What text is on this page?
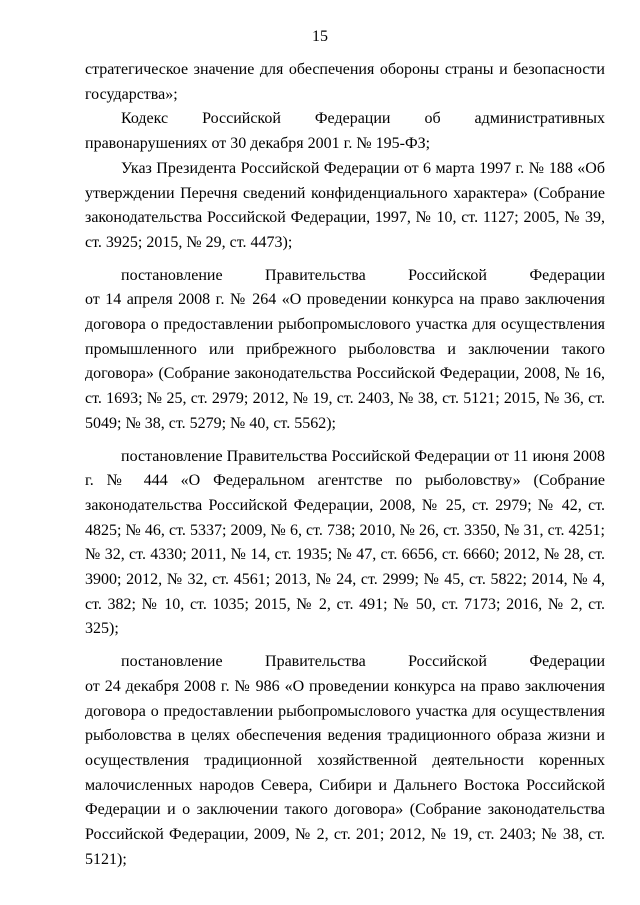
15

стратегическое значение для обеспечения обороны страны и безопасности государства»;

Кодекс Российской Федерации об административных правонарушениях от 30 декабря 2001 г. № 195-ФЗ;

Указ Президента Российской Федерации от 6 марта 1997 г. № 188 «Об утверждении Перечня сведений конфиденциального характера» (Собрание законодательства Российской Федерации, 1997, № 10, ст. 1127; 2005, № 39, ст. 3925; 2015, № 29, ст. 4473);

постановление Правительства Российской Федерации

от 14 апреля 2008 г. № 264 «О проведении конкурса на право заключения договора о предоставлении рыбопромыслового участка для осуществления промышленного или прибрежного рыболовства и заключении такого договора» (Собрание законодательства Российской Федерации, 2008, № 16, ст. 1693; № 25, ст. 2979; 2012, № 19, ст. 2403, № 38, ст. 5121; 2015, № 36, ст. 5049; № 38, ст. 5279; № 40, ст. 5562);

постановление Правительства Российской Федерации от 11 июня 2008 г. № 444 «О Федеральном агентстве по рыболовству» (Собрание законодательства Российской Федерации, 2008, № 25, ст. 2979; № 42, ст. 4825; № 46, ст. 5337; 2009, № 6, ст. 738; 2010, № 26, ст. 3350, № 31, ст. 4251; № 32, ст. 4330; 2011, № 14, ст. 1935; № 47, ст. 6656, ст. 6660; 2012, № 28, ст. 3900; 2012, № 32, ст. 4561; 2013, № 24, ст. 2999; № 45, ст. 5822; 2014, № 4, ст. 382; № 10, ст. 1035; 2015, № 2, ст. 491; № 50, ст. 7173; 2016, № 2, ст. 325);

постановление Правительства Российской Федерации

от 24 декабря 2008 г. № 986 «О проведении конкурса на право заключения договора о предоставлении рыбопромыслового участка для осуществления рыболовства в целях обеспечения ведения традиционного образа жизни и осуществления традиционной хозяйственной деятельности коренных малочисленных народов Севера, Сибири и Дальнего Востока Российской Федерации и о заключении такого договора» (Собрание законодательства Российской Федерации, 2009, № 2, ст. 201; 2012, № 19, ст. 2403; № 38, ст. 5121);
